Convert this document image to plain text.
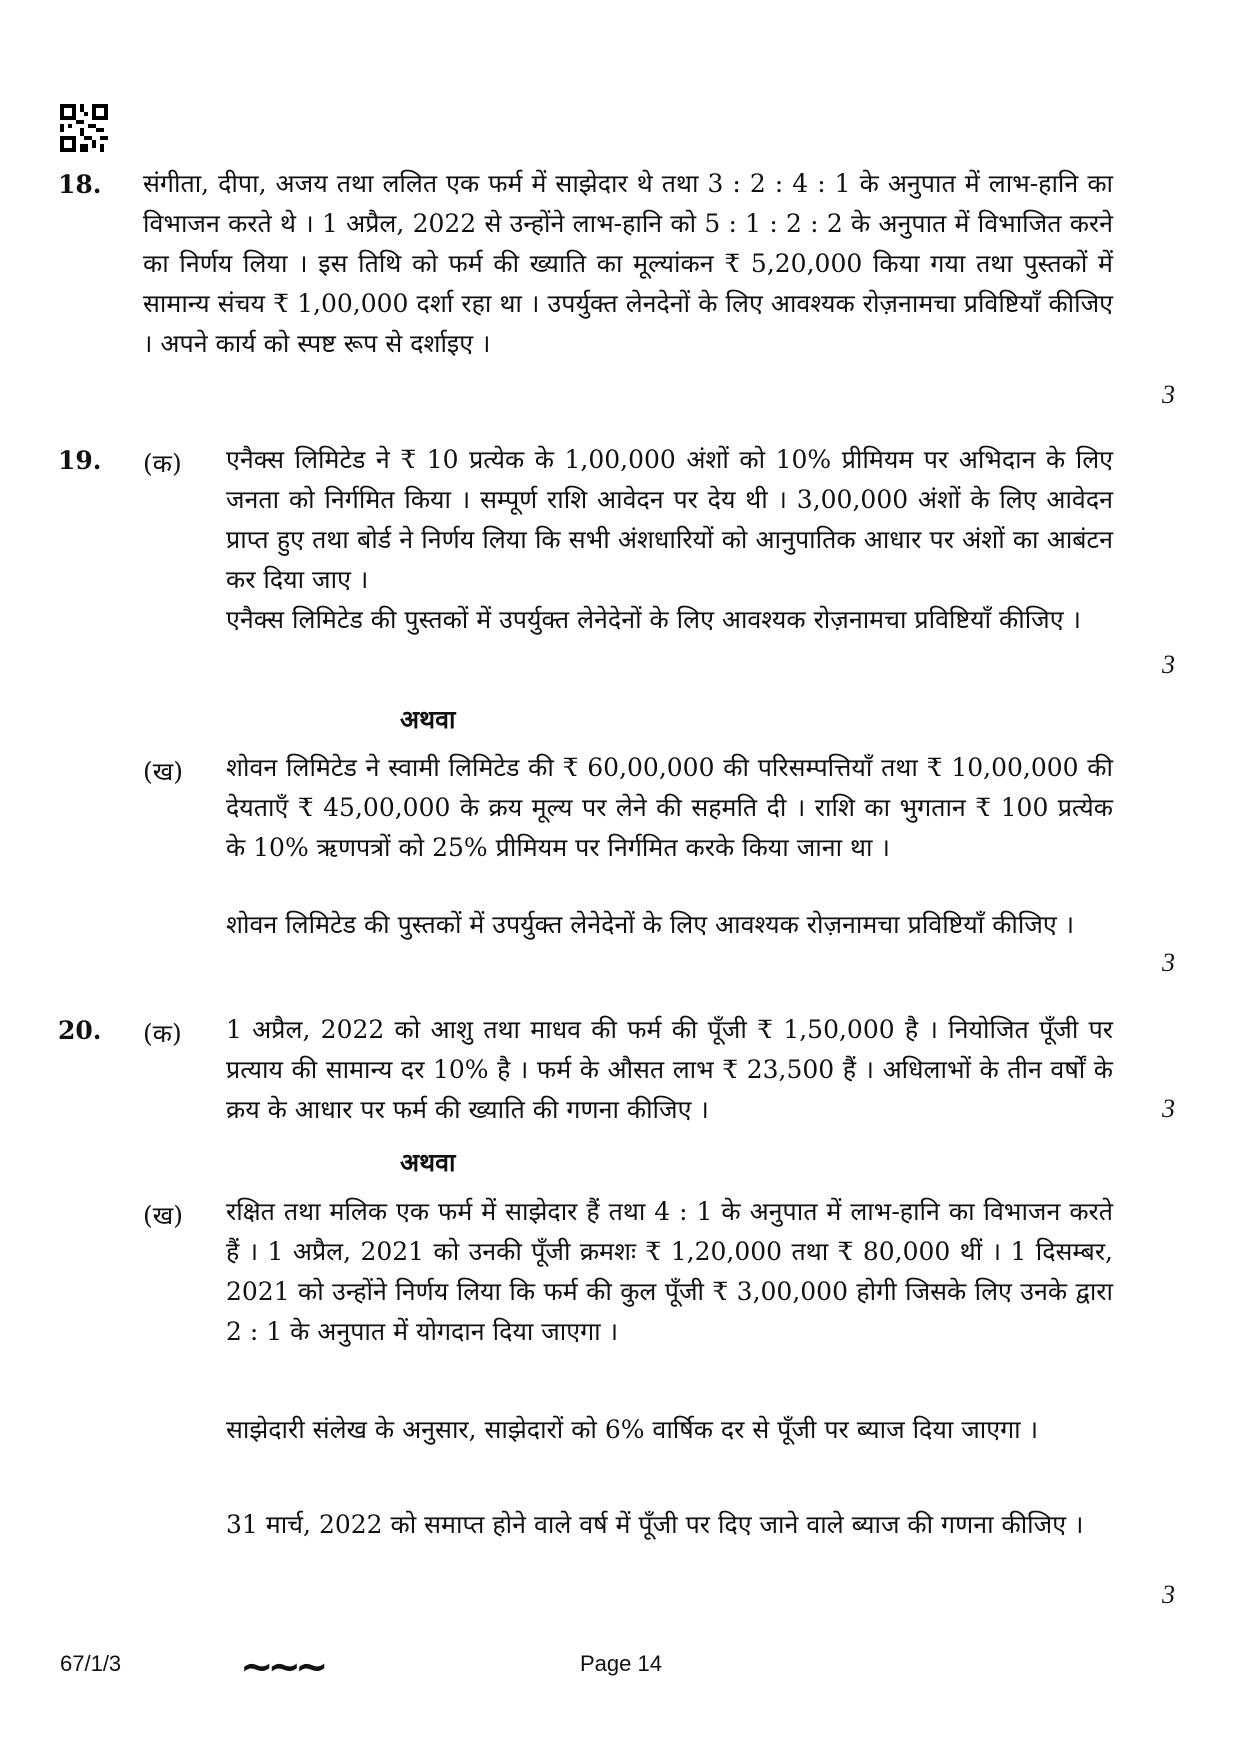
18. संगीता, दीपा, अजय तथा ललित एक फर्म में साझेदार थे तथा 3 : 2 : 4 : 1 के अनुपात में लाभ-हानि का विभाजन करते थे । 1 अप्रैल, 2022 से उन्होंने लाभ-हानि को 5 : 1 : 2 : 2 के अनुपात में विभाजित करने का निर्णय लिया । इस तिथि को फर्म की ख्याति का मूल्यांकन ₹ 5,20,000 किया गया तथा पुस्तकों में सामान्य संचय ₹ 1,00,000 दर्शा रहा था । उपर्युक्त लेनदेनों के लिए आवश्यक रोज़नामचा प्रविष्टियाँ कीजिए । अपने कार्य को स्पष्ट रूप से दर्शाइए ।
3
19. (क) एनैक्स लिमिटेड ने ₹ 10 प्रत्येक के 1,00,000 अंशों को 10% प्रीमियम पर अभिदान के लिए जनता को निर्गमित किया । सम्पूर्ण राशि आवेदन पर देय थी । 3,00,000 अंशों के लिए आवेदन प्राप्त हुए तथा बोर्ड ने निर्णय लिया कि सभी अंशधारियों को आनुपातिक आधार पर अंशों का आबंटन कर दिया जाए ।
एनैक्स लिमिटेड की पुस्तकों में उपर्युक्त लेनेदेनों के लिए आवश्यक रोज़नामचा प्रविष्टियाँ कीजिए ।
3
अथवा
(ख) शोवन लिमिटेड ने स्वामी लिमिटेड की ₹ 60,00,000 की परिसम्पत्तियाँ तथा ₹ 10,00,000 की देयताएँ ₹ 45,00,000 के क्रय मूल्य पर लेने की सहमति दी । राशि का भुगतान ₹ 100 प्रत्येक के 10% ऋणपत्रों को 25% प्रीमियम पर निर्गमित करके किया जाना था ।
शोवन लिमिटेड की पुस्तकों में उपर्युक्त लेनेदेनों के लिए आवश्यक रोज़नामचा प्रविष्टियाँ कीजिए ।
3
20. (क) 1 अप्रैल, 2022 को आशु तथा माधव की फर्म की पूँजी ₹ 1,50,000 है । नियोजित पूँजी पर प्रत्याय की सामान्य दर 10% है । फर्म के औसत लाभ ₹ 23,500 हैं । अधिलाभों के तीन वर्षों के क्रय के आधार पर फर्म की ख्याति की गणना कीजिए ।	3
अथवा
(ख) रक्षित तथा मलिक एक फर्म में साझेदार हैं तथा 4 : 1 के अनुपात में लाभ-हानि का विभाजन करते हैं । 1 अप्रैल, 2021 को उनकी पूँजी क्रमशः ₹ 1,20,000 तथा ₹ 80,000 थीं । 1 दिसम्बर, 2021 को उन्होंने निर्णय लिया कि फर्म की कुल पूँजी ₹ 3,00,000 होगी जिसके लिए उनके द्वारा 2 : 1 के अनुपात में योगदान दिया जाएगा ।
साझेदारी संलेख के अनुसार, साझेदारों को 6% वार्षिक दर से पूँजी पर ब्याज दिया जाएगा ।
31 मार्च, 2022 को समाप्त होने वाले वर्ष में पूँजी पर दिए जाने वाले ब्याज की गणना कीजिए ।
3
67/1/3	~~~	Page 14
